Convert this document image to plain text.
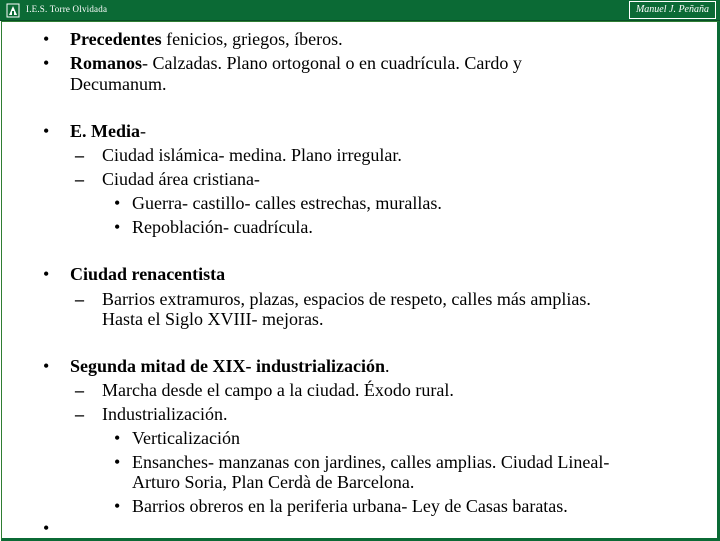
I.E.S. Torre Olvidada	Manuel J. Peñaña
• Precedentes fenicios, griegos, íberos.
• Romanos- Calzadas. Plano ortogonal o en cuadrícula. Cardo y
Decumanum.
• E. Media-
– Ciudad islámica- medina. Plano irregular.
– Ciudad área cristiana-
• Guerra- castillo- calles estrechas, murallas.
• Repoblación- cuadrícula.
• Ciudad renacentista
– Barrios extramuros, plazas, espacios de respeto, calles más amplias.
Hasta el Siglo XVIII- mejoras.
• Segunda mitad de XIX- industrialización.
– Marcha desde el campo a la ciudad. Éxodo rural.
– Industrialización.
• Verticalización
• Ensanches- manzanas con jardines, calles amplias. Ciudad Lineal-
Arturo Soria, Plan Cerdà de Barcelona.
• Barrios obreros en la periferia urbana- Ley de Casas baratas.
•
